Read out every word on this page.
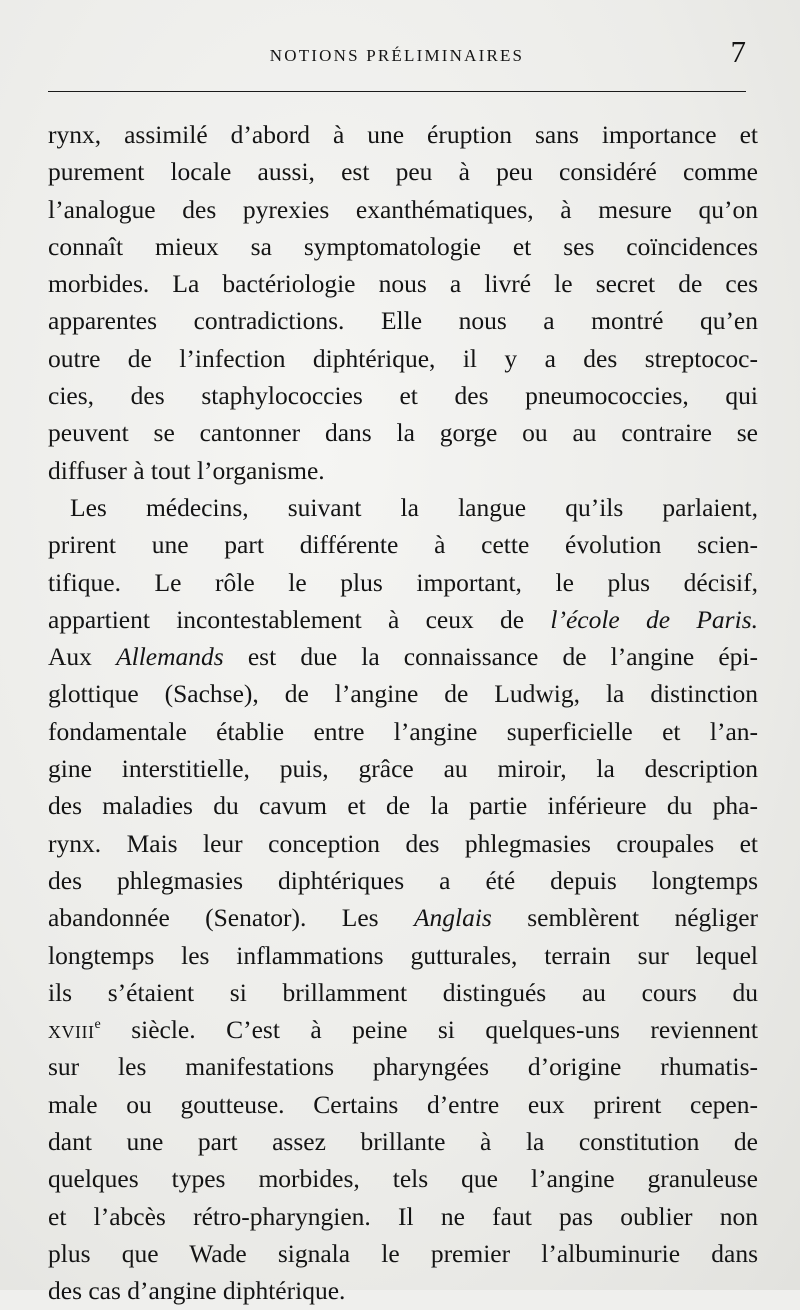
NOTIONS PRÉLIMINAIRES	7
rynx, assimilé d’abord à une éruption sans importance et
purement locale aussi, est peu à peu considéré comme
l’analogue des pyrexies exanthématiques, à mesure qu’on
connaît mieux sa symptomatologie et ses coïncidences
morbides. La bactériologie nous a livré le secret de ces
apparentes contradictions. Elle nous a montré qu’en
outre de l’infection diphtérique, il y a des streptococ-
cies, des staphylococcies et des pneumococcies, qui
peuvent se cantonner dans la gorge ou au contraire se
diffuser à tout l’organisme.
Les médecins, suivant la langue qu’ils parlaient,
prirent une part différente à cette évolution scien-
tifique. Le rôle le plus important, le plus décisif,
appartient incontestablement à ceux de l’école de Paris.
Aux Allemands est due la connaissance de l’angine épi-
glottique (Sachse), de l’angine de Ludwig, la distinction
fondamentale établie entre l’angine superficielle et l’an-
gine interstitielle, puis, grâce au miroir, la description
des maladies du cavum et de la partie inférieure du pha-
rynx. Mais leur conception des phlegmasies croupales et
des phlegmasies diphtériques a été depuis longtemps
abandonnée (Senator). Les Anglais semblèrent négliger
longtemps les inflammations gutturales, terrain sur lequel
ils s’étaient si brillamment distingués au cours du
xviii$^e$ siècle. C’est à peine si quelques-uns reviennent
sur les manifestations pharyngées d’origine rhumatis-
male ou goutteuse. Certains d’entre eux prirent cepen-
dant une part assez brillante à la constitution de
quelques types morbides, tels que l’angine granuleuse
et l’abcès rétro-pharyngien. Il ne faut pas oublier non
plus que Wade signala le premier l’albuminurie dans
des cas d’angine diphtérique.
